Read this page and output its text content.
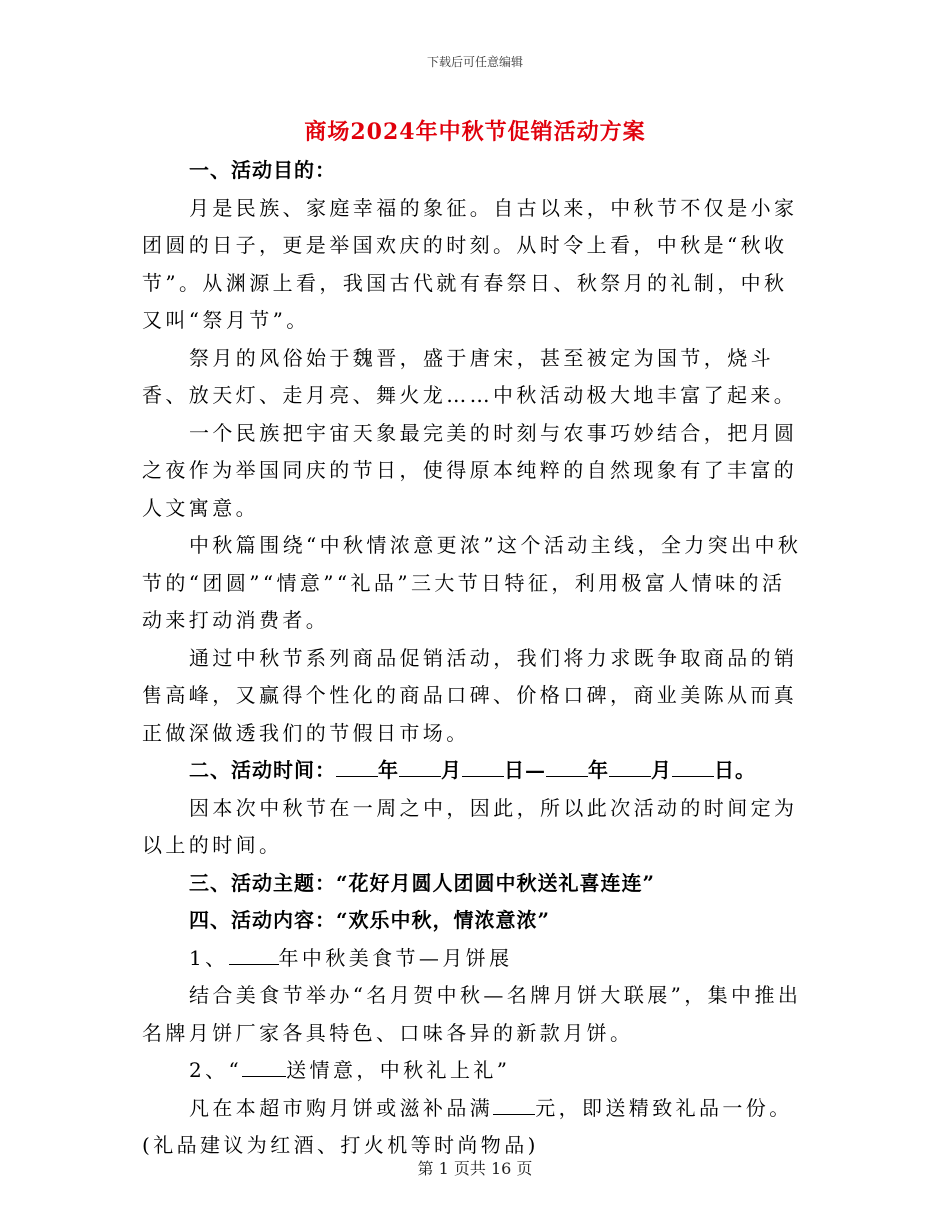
下载后可任意编辑
商场2024年中秋节促销活动方案

一、活动目的：

月是民族、家庭幸福的象征。自古以来，中秋节不仅是小家团圆的日子，更是举国欢庆的时刻。从时令上看，中秋是“秋收节”。从渊源上看，我国古代就有春祭日、秋祭月的礼制，中秋又叫“祭月节”。

祭月的风俗始于魏晋，盛于唐宋，甚至被定为国节，烧斗香、放天灯、走月亮、舞火龙……中秋活动极大地丰富了起来。

一个民族把宇宙天象最完美的时刻与农事巧妙结合，把月圆之夜作为举国同庆的节日，使得原本纯粹的自然现象有了丰富的人文寓意。

中秋篇围绕“中秋情浓意更浓”这个活动主线，全力突出中秋节的“团圆”“情意”“礼品”三大节日特征，利用极富人情味的活动来打动消费者。

通过中秋节系列商品促销活动，我们将力求既争取商品的销售高峰，又赢得个性化的商品口碑、价格口碑，商业美陈从而真正做深做透我们的节假日市场。

二、活动时间： 年 月 日— 年 月 日。

因本次中秋节在一周之中，因此，所以此次活动的时间定为以上的时间。

三、活动主题：“花好月圆人团圆中秋送礼喜连连”

四、活动内容：“欢乐中秋，情浓意浓”

1、	年中秋美食节—月饼展

结合美食节举办“名月贺中秋—名牌月饼大联展”，集中推出名牌月饼厂家各具特色、口味各异的新款月饼。

2、“ 送情意，中秋礼上礼”

凡在本超市购月饼或滋补品满 元，即送精致礼品一份。(礼品建议为红酒、打火机等时尚物品)

第 1 页共 16 页
